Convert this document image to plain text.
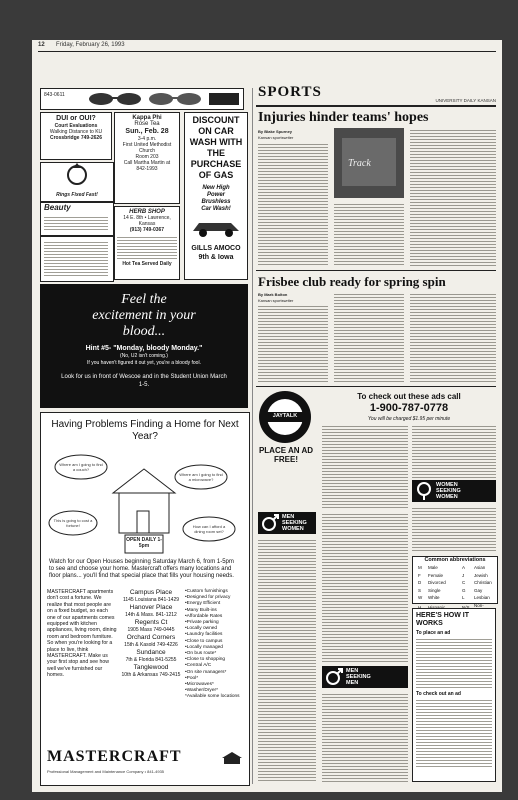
12 Friday, February 26, 1993
843-0611
DUI or OUI?
Court Evaluations
Walking Distance to KU
Crossbridge 749-2626
Rings Fixed Fast!
Beauty
Kappa Phi
Rose Tea
Sun., Feb. 28
3-4 p.m.
First United Methodist Church
Room 203
Call Martha Martin at
842-1993
HERB SHOP
14 E. 8th • Lawrence, Kansas
(913) 749-0367
Hot Tea Served Daily
DISCOUNT
ON CAR
WASH WITH
THE
PURCHASE
OF GAS
New High
Power
Brushless
Car Wash!
GILLS AMOCO
9th & Iowa
Feel the
excitement in your
blood...
Hint #5- "Monday, bloody Monday."
(No, U2 isn't coming.)
If you haven't figured it out yet, you're a bloody fool.
Look for us in front of Wescoe and in the Student Union March 1-5.
Having Problems Finding a Home for Next Year?
Where am I going to find a couch?
Where am I going to find a microwave?
This is going to cost a fortune!	How can I afford a dining room set?
OPEN DAILY 1-5pm
Watch for our Open Houses beginning Saturday March 6, from 1-5pm to see and choose your home. Mastercraft offers many locations and floor plans... you'll find that special place that fills your housing needs.
MASTERCRAFT apartments don't cost a fortune. We realize that most people are on a fixed budget, so each one of our apartments comes equipped with kitchen appliances, living room, dining room and bedroom furniture. So when you're looking for a place to live, think MASTERCRAFT. Make us your first stop and see how well we've furnished our homes.
Campus Place
1145 Louisiana 841-1429
Hanover Place
14th & Mass. 841-1212
Regents Ct
1905 Mass 749-0445
Orchard Corners
15th & Kasold 749-4226
Sundance
7th & Florida 841-5255
Tanglewood
10th & Arkansas 749-2415
•Custom furnishings
•Designed for privacy
•Energy Efficient
•Many Built-ins
•Affordable Rates
•Private parking
•Locally owned
•Laundry facilities
•Close to campus
•Locally managed
•On bus route*
•Close to shopping
•Central A/C
•On site managers*
•Pool*
•Microwaves*
•Washer/Dryer*
*Available some locations
MASTERCRAFT
Professional Management and Maintenance Company • 841-4935
SPORTS
UNIVERSITY DAILY KANSAN
Injuries hinder teams' hopes
By Blake Spurney
Kansan sportswriter
Track
Frisbee club ready for spring spin
By Mark Bolton
Kansan sportswriter
JAYTALK
PLACE AN AD FREE!
To check out these ads call
1-900-787-0778
You will be charged $1.95 per minute
WOMEN
SEEKING
WOMEN
MEN
SEEKING
WOMEN
Common abbreviations
M	Male	A	Asian
F	Female	J	Jewish
D	Divorced	C	Christian
S	Single	G	Gay
W	White	L	Lesbian
			Non-
HERE'S HOW IT WORKS
To place an ad
To check out an ad
MEN
SEEKING
MEN
